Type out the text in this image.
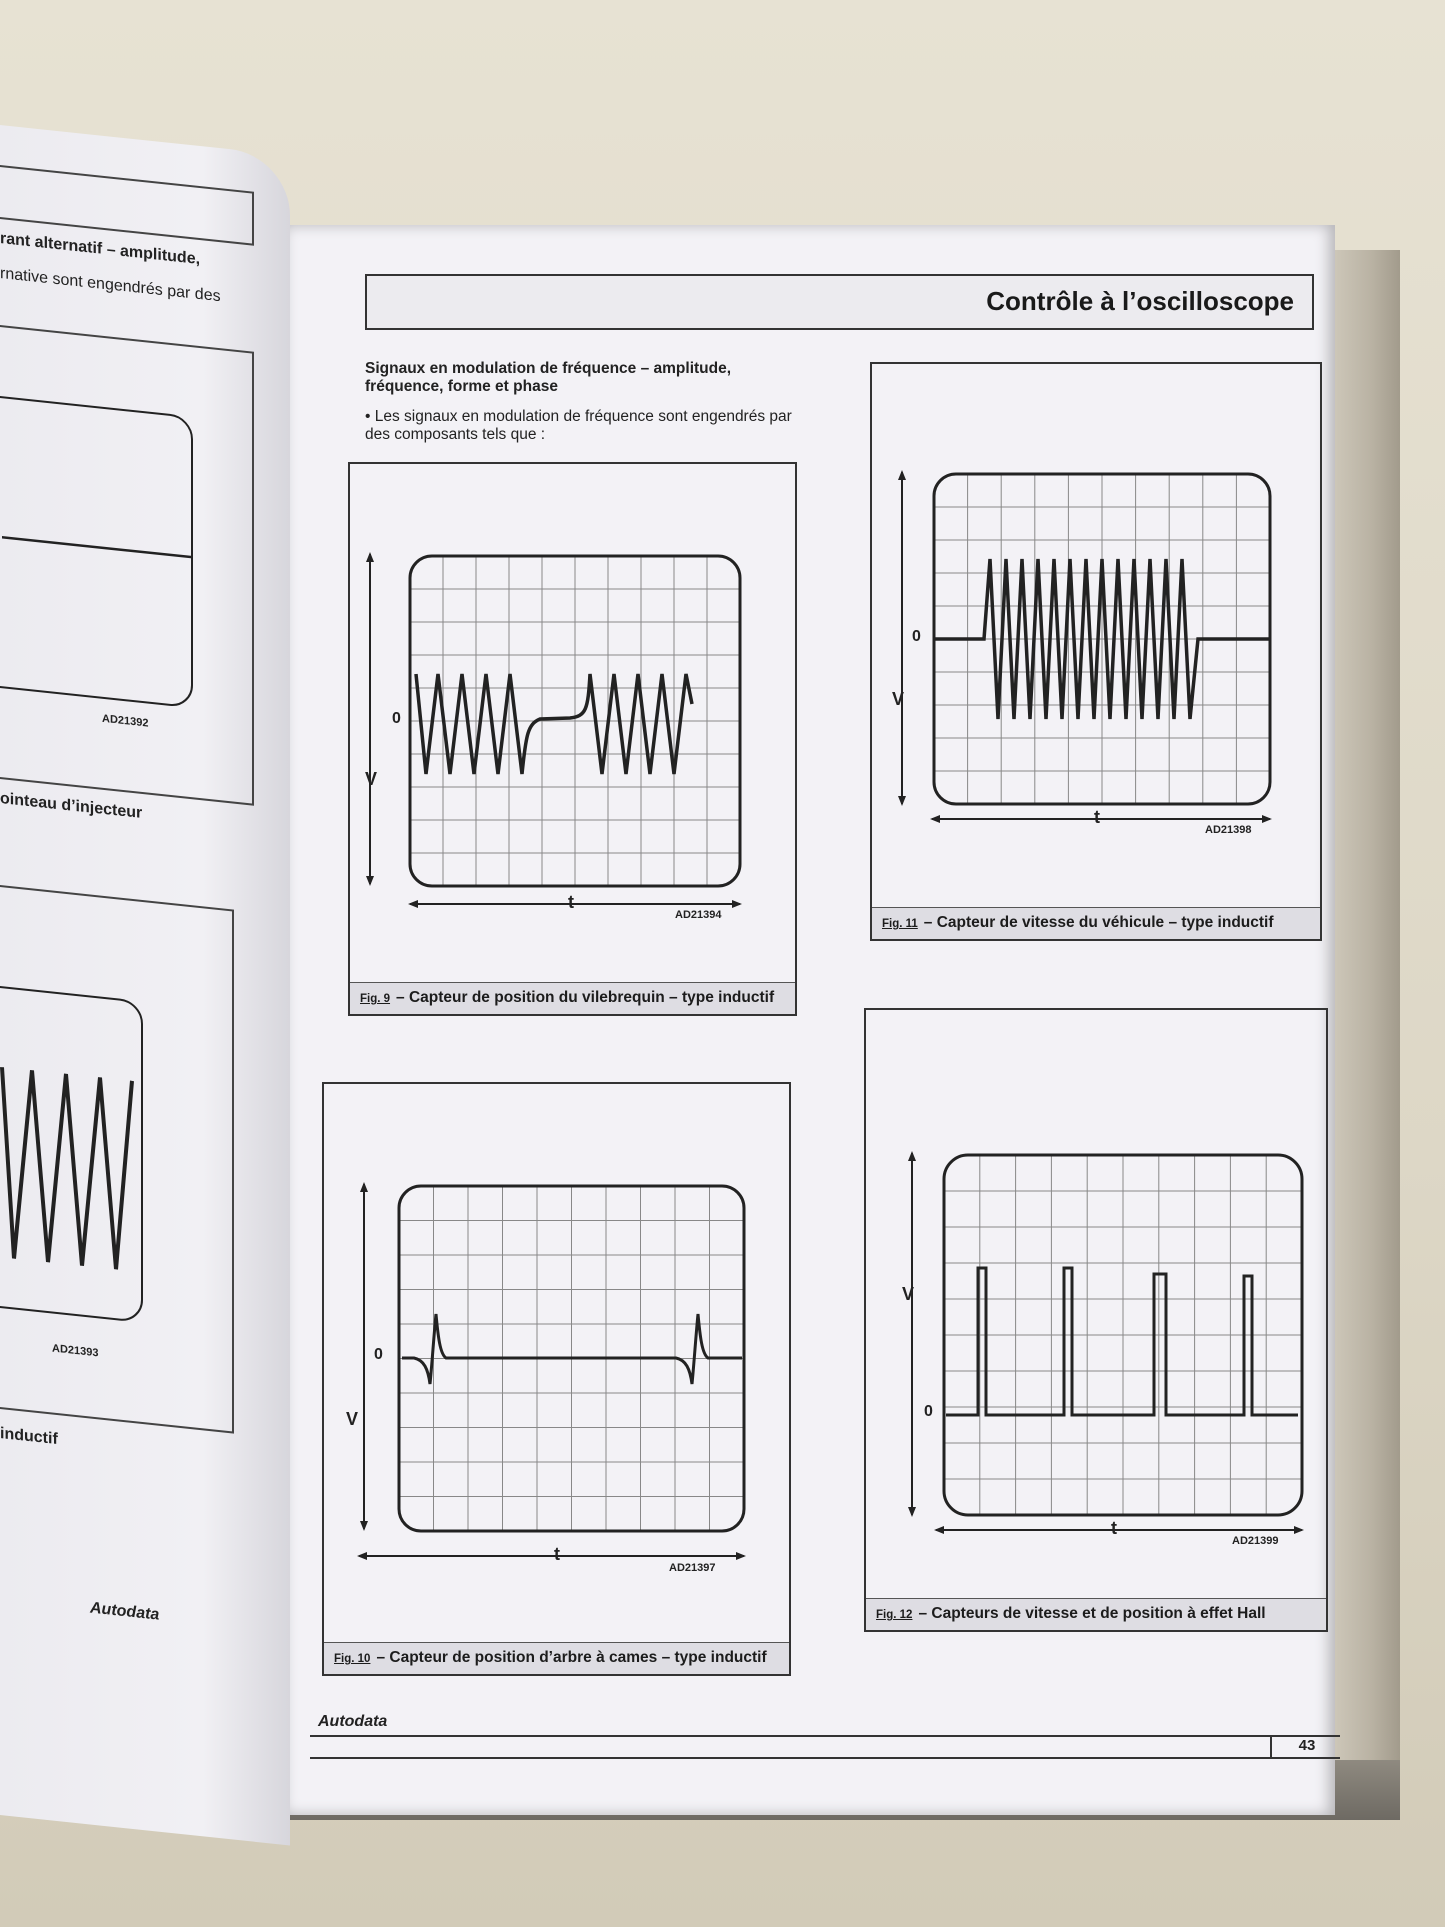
rant alternatif – amplitude,
rnative sont engendrés par des
AD21392
ointeau d’injecteur
AD21393
inductif
Autodata
Contrôle à l’oscilloscope
Signaux en modulation de fréquence – amplitude, fréquence, forme et phase
• Les signaux en modulation de fréquence sont engendrés par des composants tels que :
V
0
t
AD21394
Fig. 9 – Capteur de position du vilebrequin – type inductif
V
0
t
AD21397
Fig. 10 – Capteur de position d’arbre à cames – type inductif
V
0
t
AD21398
Fig. 11 – Capteur de vitesse du véhicule – type inductif
V
0
t
AD21399
Fig. 12 – Capteurs de vitesse et de position à effet Hall
Autodata
43
